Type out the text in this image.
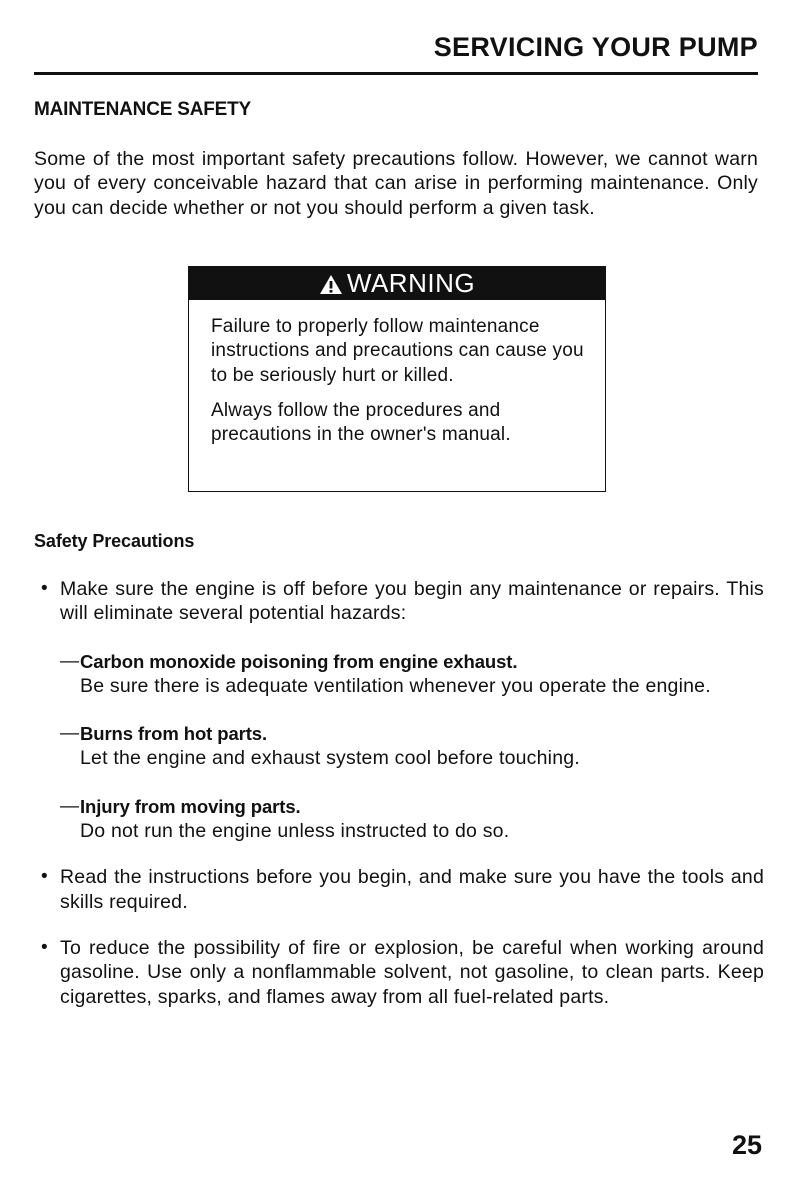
SERVICING YOUR PUMP
MAINTENANCE SAFETY
Some of the most important safety precautions follow. However, we cannot warn you of every conceivable hazard that can arise in performing maintenance. Only you can decide whether or not you should perform a given task.
WARNING

Failure to properly follow maintenance instructions and precautions can cause you to be seriously hurt or killed.

Always follow the procedures and precautions in the owner's manual.

Safety Precautions
• Make sure the engine is off before you begin any maintenance or repairs. This will eliminate several potential hazards:
— Carbon monoxide poisoning from engine exhaust.
Be sure there is adequate ventilation whenever you operate the engine.
— Burns from hot parts.
Let the engine and exhaust system cool before touching.
— Injury from moving parts.
Do not run the engine unless instructed to do so.
• Read the instructions before you begin, and make sure you have the tools and skills required.
• To reduce the possibility of fire or explosion, be careful when working around gasoline. Use only a nonflammable solvent, not gasoline, to clean parts. Keep cigarettes, sparks, and flames away from all fuel-related parts.
25
